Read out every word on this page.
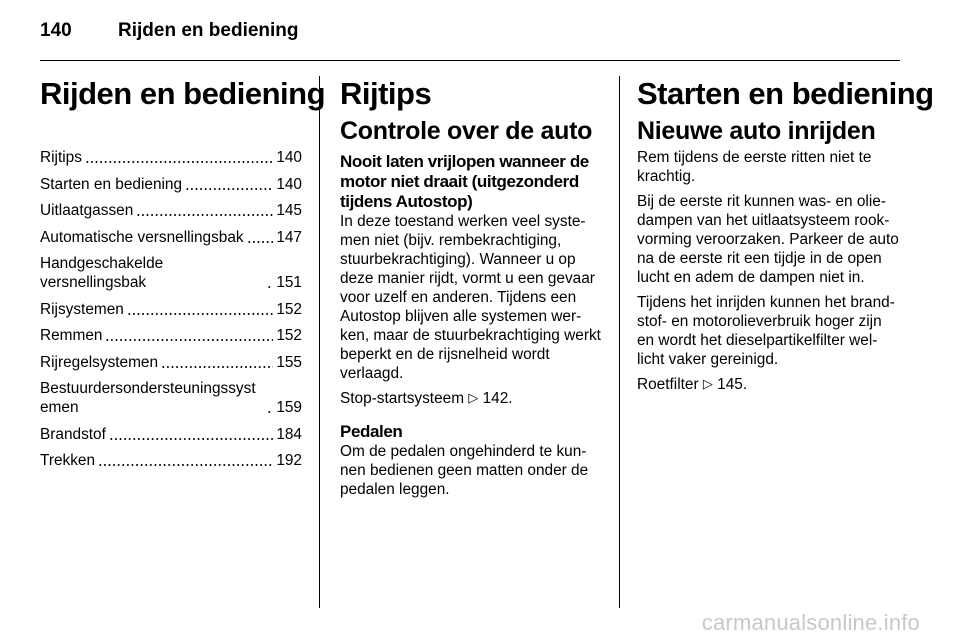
140 Rijden en bediening
Rijden en bediening
Rijtips	140
Starten en bediening	140
Uitlaatgassen	145
Automatische versnellingsbak 147
Handgeschakelde versnellingsbak	151
Rijsystemen	152
Remmen	152
Rijregelsystemen	155
Bestuurdersondersteuningssyst emen	159
Brandstof	184
Trekken	192
Rijtips
Controle over de auto
Nooit laten vrijlopen wanneer de motor niet draait (uitgezonderd tijdens Autostop)

In deze toestand werken veel syste-men niet (bijv. rembekrachtiging, stuurbekrachtiging). Wanneer u op deze manier rijdt, vormt u een gevaar voor uzelf en anderen. Tijdens een Autostop blijven alle systemen wer-ken, maar de stuurbekrachtiging werkt beperkt en de rijsnelheid wordt verlaagd.

Stop-startsysteem ▷ 142.

Pedalen

Om de pedalen ongehinderd te kun-nen bedienen geen matten onder de pedalen leggen.

Starten en bediening
Nieuwe auto inrijden

Rem tijdens de eerste ritten niet te krachtig.

Bij de eerste rit kunnen was- en olie-dampen van het uitlaatsysteem rook-vorming veroorzaken. Parkeer de auto na de eerste rit een tijdje in de open lucht en adem de dampen niet in.

Tijdens het inrijden kunnen het brand-stof- en motorolieverbruik hoger zijn en wordt het dieselpartikelfilter wel-licht vaker gereinigd.

Roetfilter ▷ 145.

carmanualsonline.info
